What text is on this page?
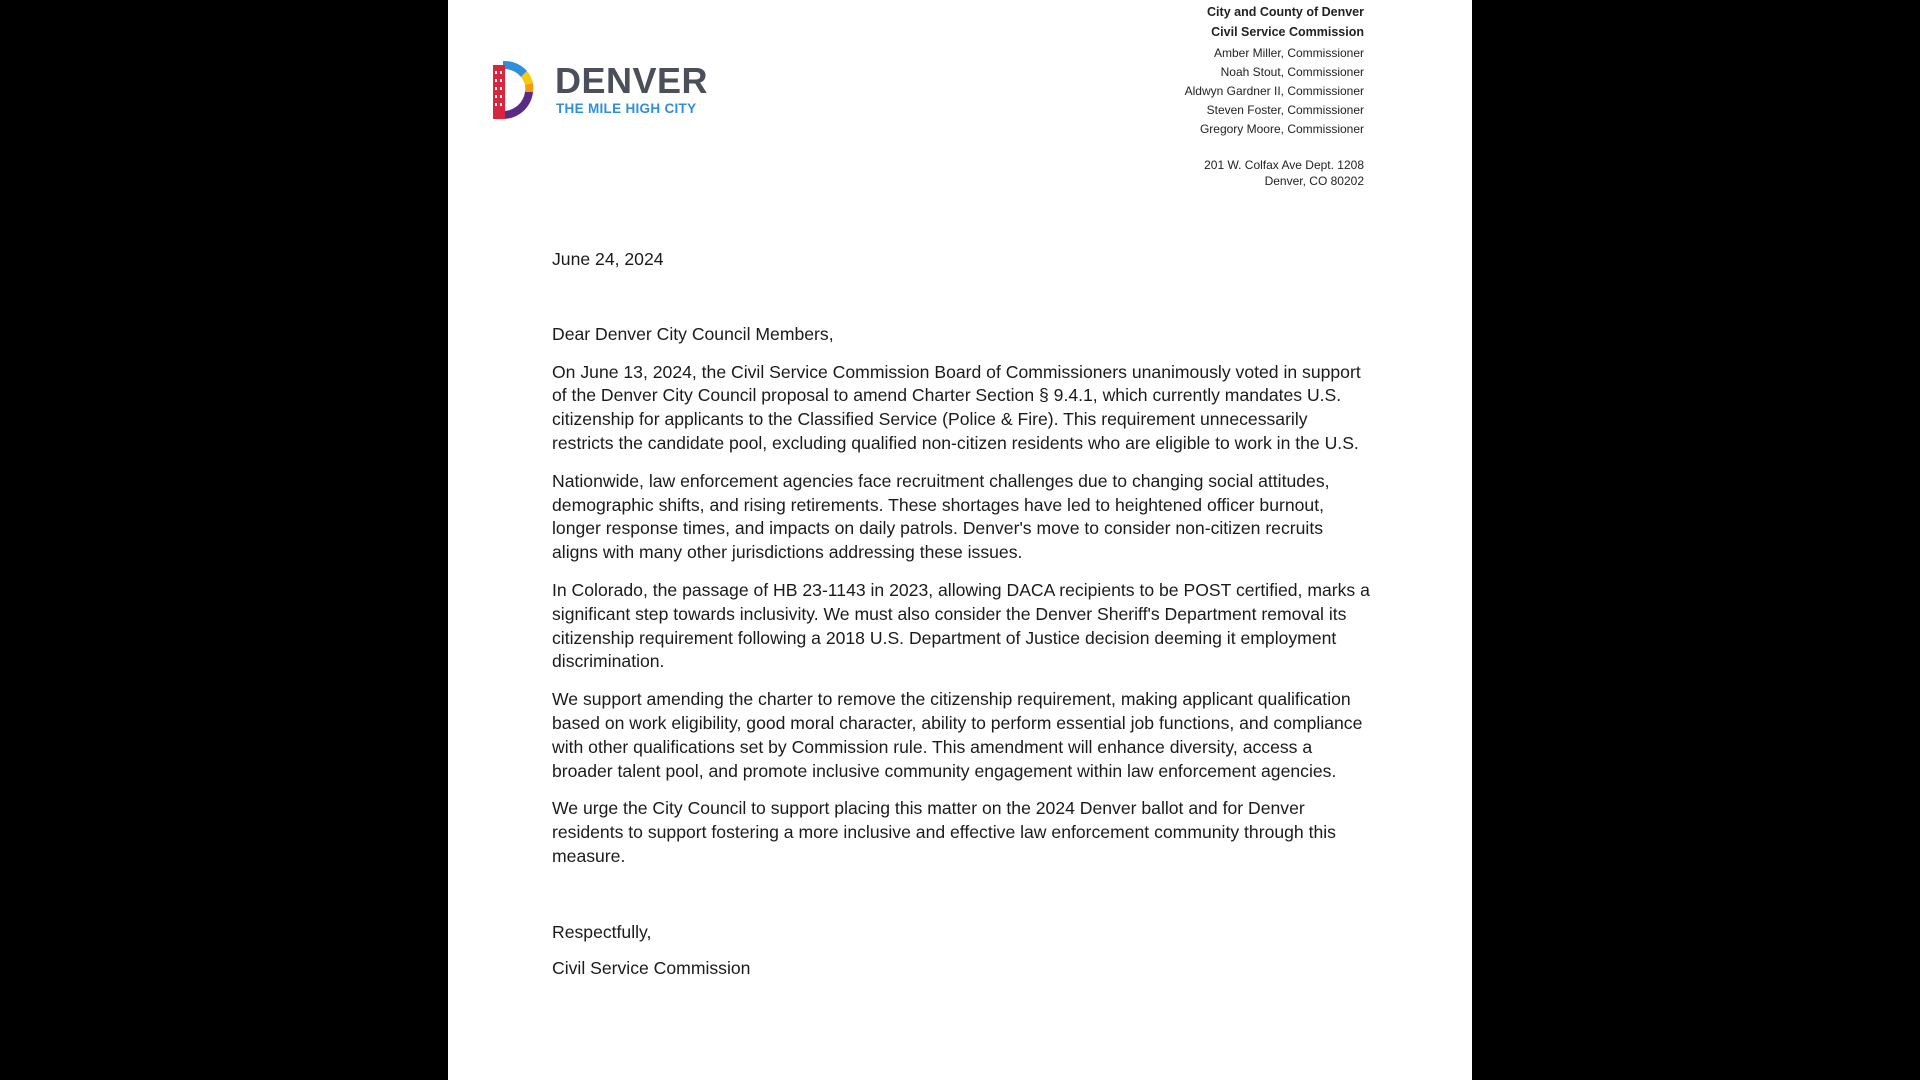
DENVER
THE MILE HIGH CITY
City and County of Denver
Civil Service Commission
Amber Miller, Commissioner
Noah Stout, Commissioner
Aldwyn Gardner II, Commissioner
Steven Foster, Commissioner
Gregory Moore, Commissioner
201 W. Colfax Ave Dept. 1208
Denver, CO 80202
June 24, 2024
Dear Denver City Council Members,
On June 13, 2024, the Civil Service Commission Board of Commissioners unanimously voted in support of the Denver City Council proposal to amend Charter Section § 9.4.1, which currently mandates U.S. citizenship for applicants to the Classified Service (Police & Fire). This requirement unnecessarily restricts the candidate pool, excluding qualified non-citizen residents who are eligible to work in the U.S.
Nationwide, law enforcement agencies face recruitment challenges due to changing social attitudes, demographic shifts, and rising retirements. These shortages have led to heightened officer burnout, longer response times, and impacts on daily patrols. Denver's move to consider non-citizen recruits aligns with many other jurisdictions addressing these issues.
In Colorado, the passage of HB 23-1143 in 2023, allowing DACA recipients to be POST certified, marks a significant step towards inclusivity. We must also consider the Denver Sheriff's Department removal its citizenship requirement following a 2018 U.S. Department of Justice decision deeming it employment discrimination.
We support amending the charter to remove the citizenship requirement, making applicant qualification based on work eligibility, good moral character, ability to perform essential job functions, and compliance with other qualifications set by Commission rule. This amendment will enhance diversity, access a broader talent pool, and promote inclusive community engagement within law enforcement agencies.
We urge the City Council to support placing this matter on the 2024 Denver ballot and for Denver residents to support fostering a more inclusive and effective law enforcement community through this measure.
Respectfully,
Civil Service Commission
